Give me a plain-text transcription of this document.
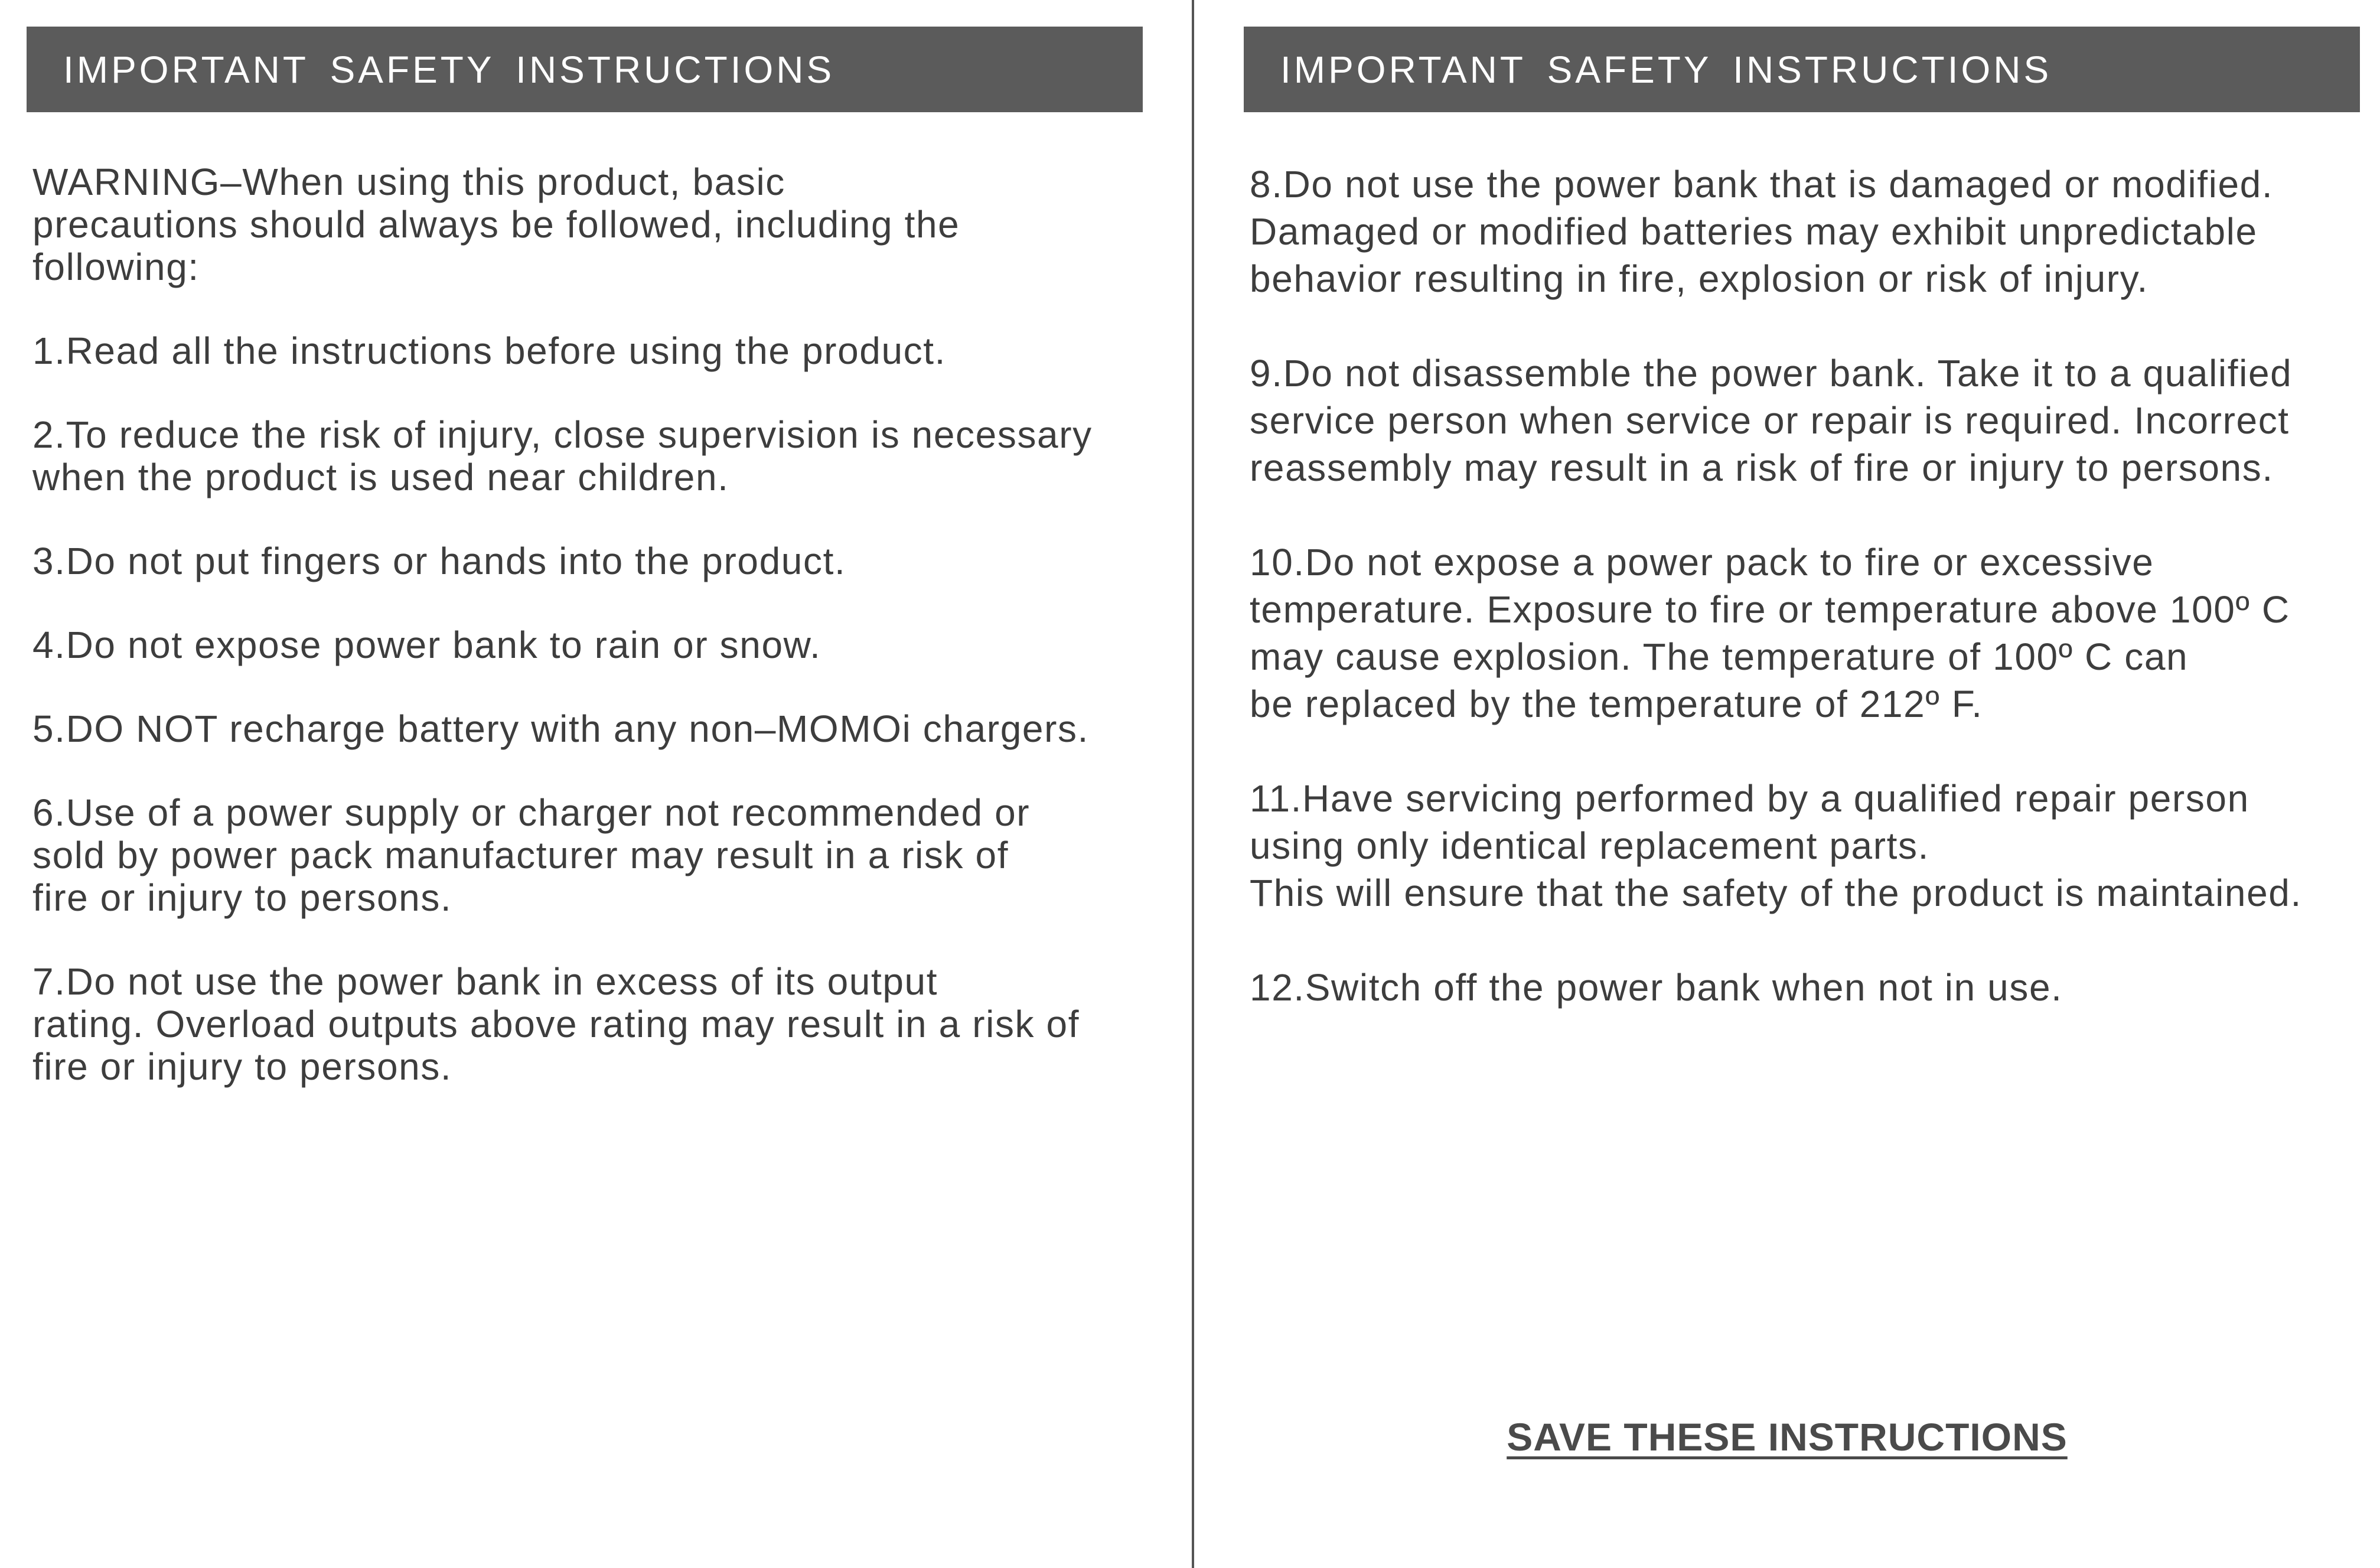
IMPORTANT SAFETY INSTRUCTIONS

WARNING–When using this product, basic
precautions should always be followed, including the
following:

1.Read all the instructions before using the product.

2.To reduce the risk of injury, close supervision is necessary
when the product is used near children.

3.Do not put fingers or hands into the product.

4.Do not expose power bank to rain or snow.

5.DO NOT recharge battery with any non–MOMOi chargers.

6.Use of a power supply or charger not recommended or
sold by power pack manufacturer may result in a risk of
fire or injury to persons.

7.Do not use the power bank in excess of its output
rating. Overload outputs above rating may result in a risk of
fire or injury to persons.

IMPORTANT SAFETY INSTRUCTIONS

8.Do not use the power bank that is damaged or modified.
Damaged or modified batteries may exhibit unpredictable
behavior resulting in fire, explosion or risk of injury.

9.Do not disassemble the power bank. Take it to a qualified
service person when service or repair is required. Incorrect
reassembly may result in a risk of fire or injury to persons.

10.Do not expose a power pack to fire or excessive
temperature. Exposure to fire or temperature above 100º C
may cause explosion. The temperature of 100º C can
be replaced by the temperature of 212º F.

11.Have servicing performed by a qualified repair person
using only identical replacement parts.
This will ensure that the safety of the product is maintained.

12.Switch off the power bank when not in use.

SAVE THESE INSTRUCTIONS
